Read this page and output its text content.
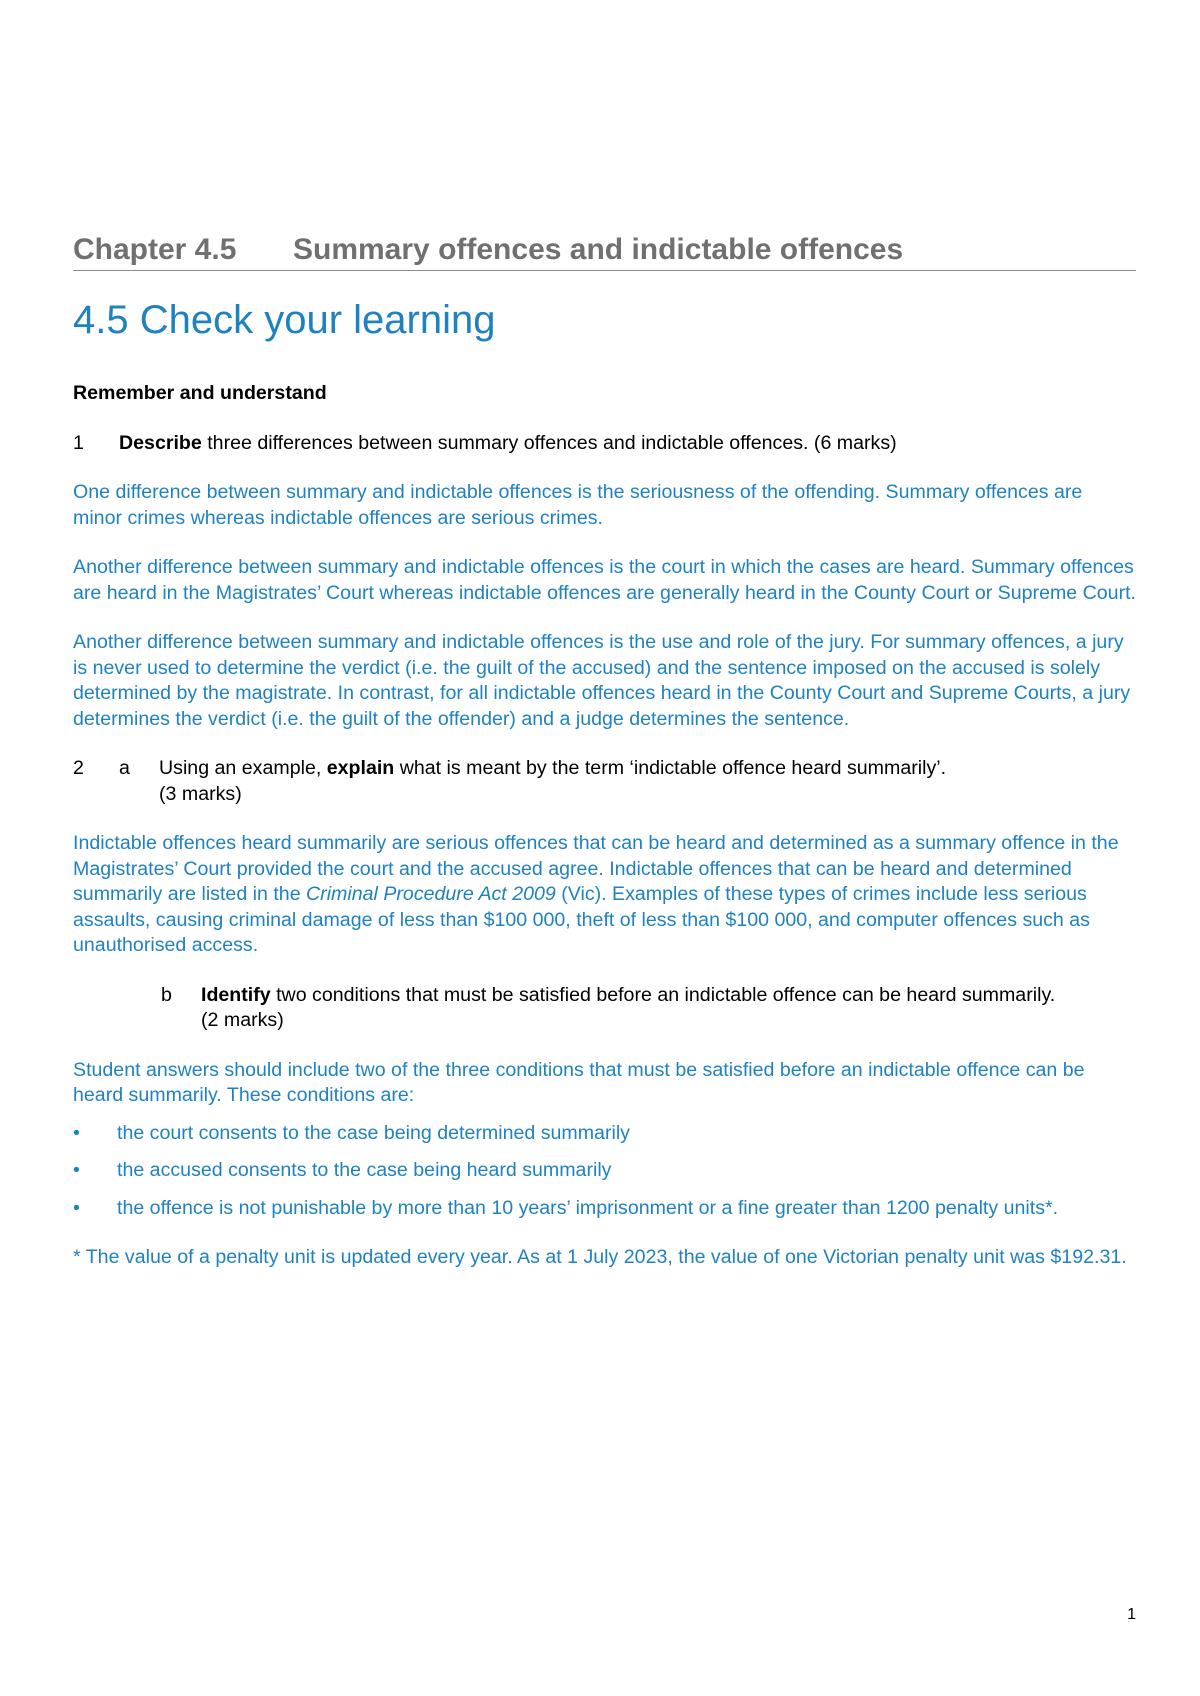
Chapter 4.5 Summary offences and indictable offences
4.5 Check your learning

Remember and understand

1	Describe three differences between summary offences and indictable offences. (6 marks)

One difference between summary and indictable offences is the seriousness of the offending. Summary offences are minor crimes whereas indictable offences are serious crimes.

Another difference between summary and indictable offences is the court in which the cases are heard. Summary offences are heard in the Magistrates’ Court whereas indictable offences are generally heard in the County Court or Supreme Court.

Another difference between summary and indictable offences is the use and role of the jury. For summary offences, a jury is never used to determine the verdict (i.e. the guilt of the accused) and the sentence imposed on the accused is solely determined by the magistrate. In contrast, for all indictable offences heard in the County Court and Supreme Courts, a jury determines the verdict (i.e. the guilt of the offender) and a judge determines the sentence.

2	a	Using an example, explain what is meant by the term ‘indictable offence heard summarily’.
(3 marks)

Indictable offences heard summarily are serious offences that can be heard and determined as a summary offence in the Magistrates’ Court provided the court and the accused agree. Indictable offences that can be heard and determined summarily are listed in the Criminal Procedure Act 2009 (Vic). Examples of these types of crimes include less serious assaults, causing criminal damage of less than $100 000, theft of less than $100 000, and computer offences such as unauthorised access.

b	Identify two conditions that must be satisfied before an indictable offence can be heard summarily.
(2 marks)

Student answers should include two of the three conditions that must be satisfied before an indictable offence can be heard summarily. These conditions are:

•	the court consents to the case being determined summarily
•	the accused consents to the case being heard summarily
•	the offence is not punishable by more than 10 years’ imprisonment or a fine greater than 1200 penalty units*.

* The value of a penalty unit is updated every year. As at 1 July 2023, the value of one Victorian penalty unit was $192.31.

1
